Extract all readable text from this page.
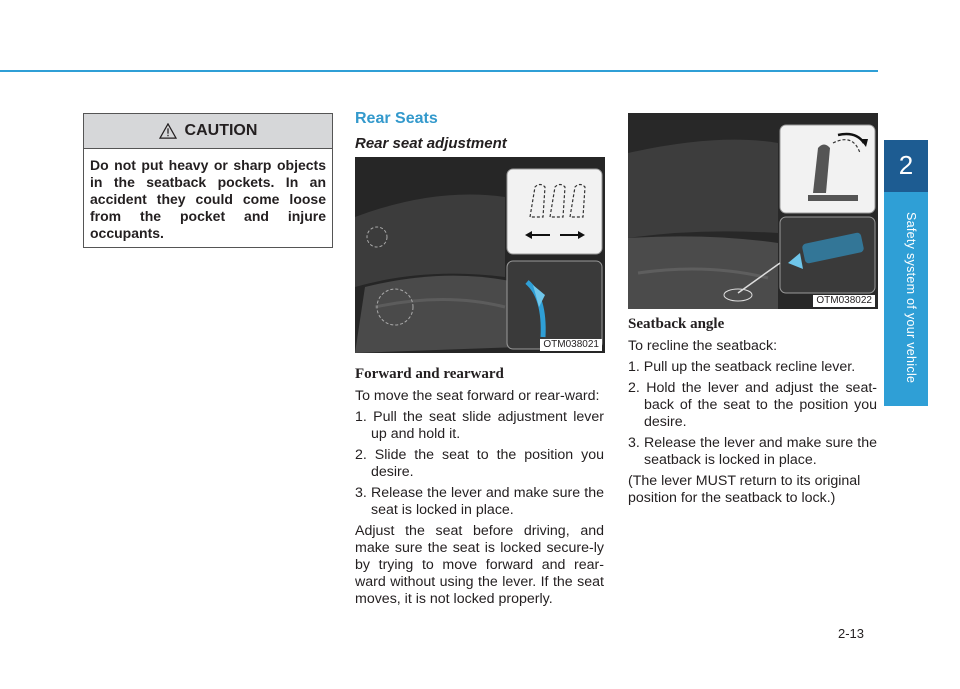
2
Safety system of your vehicle
CAUTION
Do not put heavy or sharp objects in the seatback pockets. In an accident they could come loose from the pocket and injure occupants.
Rear Seats
Rear seat adjustment
OTM038021
Forward and rearward

To move the seat forward or rear-ward:

1. Pull the seat slide adjustment lever up and hold it.
2. Slide the seat to the position you desire.
3. Release the lever and make sure the seat is locked in place.

Adjust the seat before driving, and make sure the seat is locked secure-ly by trying to move forward and rear-ward without using the lever. If the seat moves, it is not locked properly.

OTM038022
Seatback angle

To recline the seatback:

1. Pull up the seatback recline lever.
2. Hold the lever and adjust the seat-back of the seat to the position you desire.
3. Release the lever and make sure the seatback is locked in place.

(The lever MUST return to its original position for the seatback to lock.)

2-13
